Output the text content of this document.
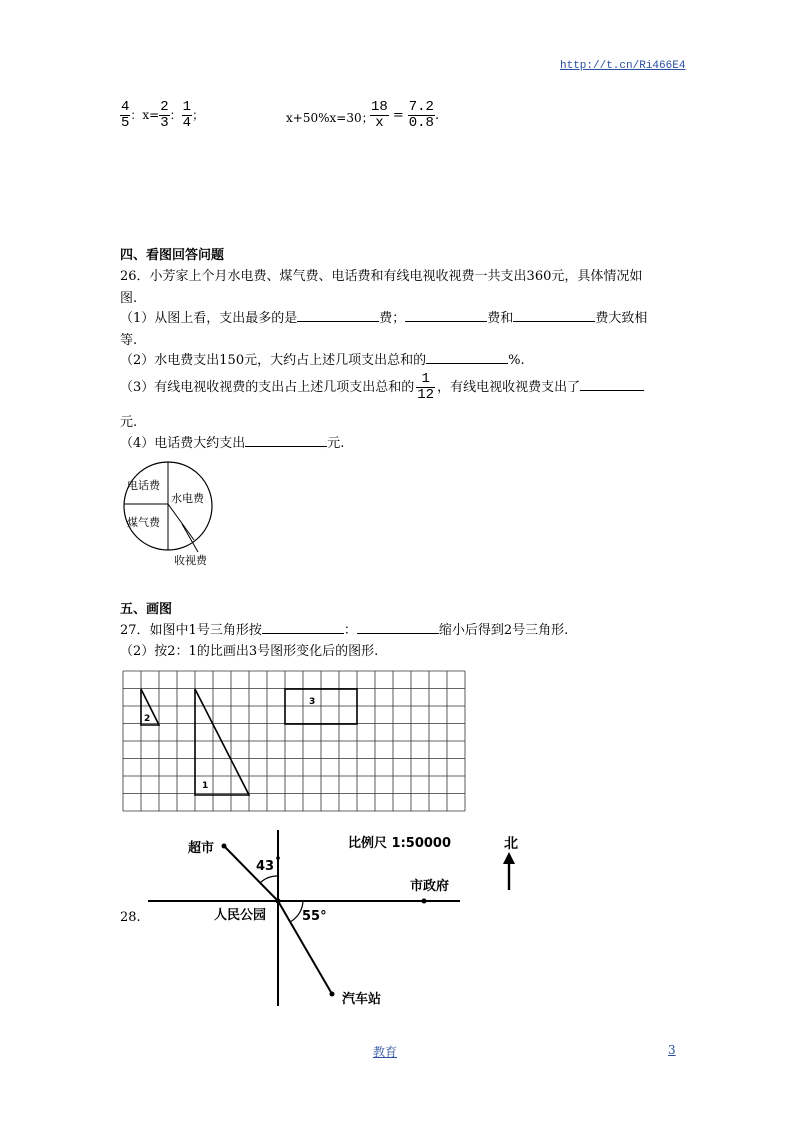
http://t.cn/Ri466E4
$\frac{4}{5}$ ：$x= \frac{2}{3}$ ： $\frac{1}{4}$ ；	x+50%x=30；
$\frac{18}{x} = \frac{7.2}{0.8}$ .
四、看图回答问题
26．小芳家上个月水电费、煤气费、电话费和有线电视收视费一共支出360元，具体情况如
图.
（1）从图上看，支出最多的是	费；	费和	费大致相
等.
（2）水电费支出150元，大约占上述几项支出总和的	%.
（3）有线电视收视费的支出占上述几项支出总和的 $\frac{1}{12}$ ，有线电视收视费支出了
元.
（4）电话费大约支出	元.
电话费
水电费
煤气费
收视费
五、画图
27．如图中1号三角形按	：	缩小后得到2号三角形.
（2）按2：1的比画出3号图形变化后的图形.
2
1
3
28.
超市
43
比例尺 1:50000	北
市政府
人民公园	55°
汽车站
教育	3
